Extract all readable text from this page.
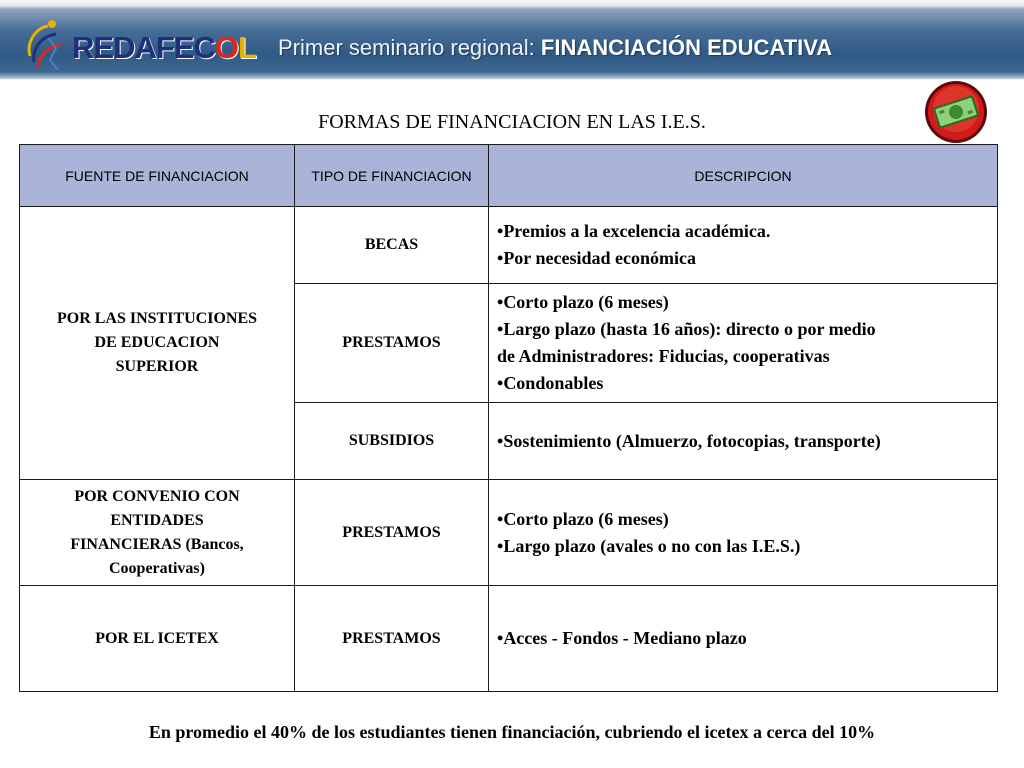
REDAFECOL Primer seminario regional: FINANCIACIÓN EDUCATIVA
FORMAS DE FINANCIACION EN LAS I.E.S.
FUENTE DE FINANCIACION	TIPO DE FINANCIACION	DESCRIPCION

POR LAS INSTITUCIONES
DE EDUCACION
SUPERIOR	BECAS	• Premios a la excelencia académica.
• Por necesidad económica

	PRESTAMOS	• Corto plazo (6 meses)
• Largo plazo (hasta 16 años): directo o por medio
de Administradores: Fiducias, cooperativas
• Condonables

	SUBSIDIOS	• Sostenimiento (Almuerzo, fotocopias, transporte)

POR CONVENIO CON
ENTIDADES
FINANCIERAS (Bancos,
Cooperativas)	PRESTAMOS	• Corto plazo (6 meses)
• Largo plazo (avales o no con las I.E.S.)

POR EL ICETEX	PRESTAMOS	• Acces - Fondos - Mediano plazo
En promedio el 40% de los estudiantes tienen financiación, cubriendo el icetex a cerca del 10%
